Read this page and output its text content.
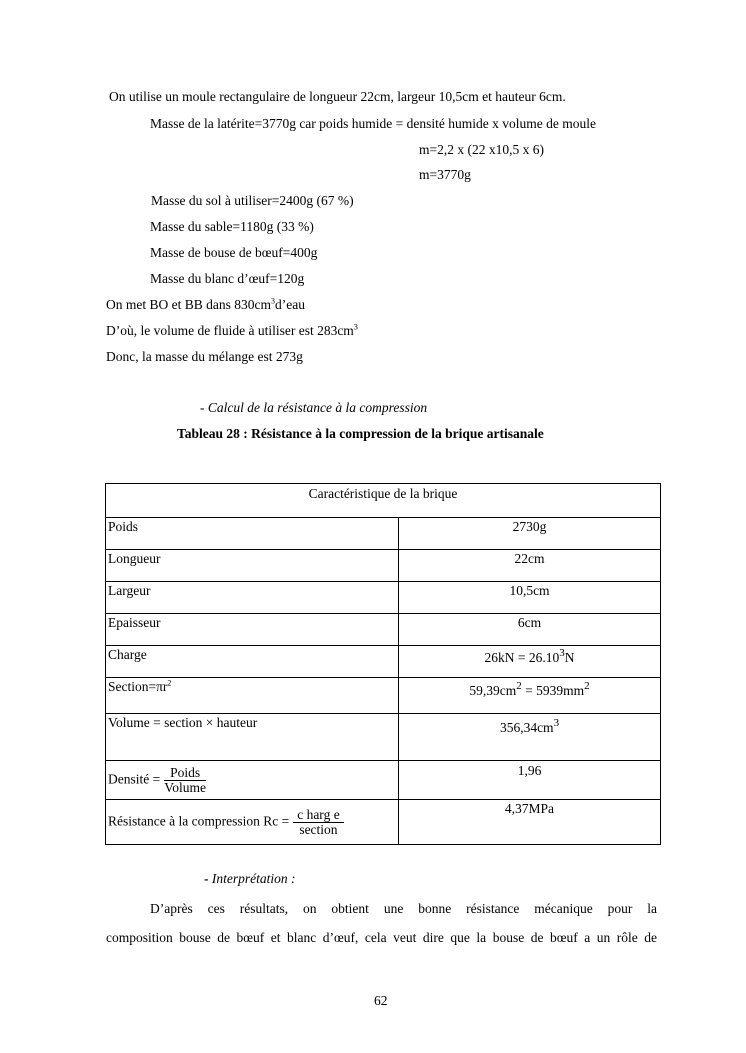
On utilise un moule rectangulaire de longueur 22cm, largeur 10,5cm et hauteur 6cm.
Masse de la latérite=3770g car poids humide = densité humide x volume de moule
m=2,2 x (22 x10,5 x 6)
m=3770g
Masse du sol à utiliser=2400g (67 %)
Masse du sable=1180g (33 %)
Masse de bouse de bœuf=400g
Masse du blanc d’œuf=120g
On met BO et BB dans $830cm^3d’eau$
D’où, le volume de fluide à utiliser est $283cm^3$
Donc, la masse du mélange est 273g
- Calcul de la résistance à la compression
Tableau 28 : Résistance à la compression de la brique artisanale
Caractéristique de la brique	
Poids	2730g
Longueur	22cm
Largeur	10,5cm
Epaisseur	6cm
Charge	$26kN = 26.10^3N$
$Section=\pi r^2$	$59,39cm^2 = 5939mm^2$
Volume = section × hauteur	$356,34cm^3$
Densité = $\frac{\text{Poids}}{\text{Volume}}$	1,96
Résistance à la compression $Rc = \frac{\text{c harg e}}{\text{section}}$	4,37MPa
- Interprétation :
D’après ces résultats, on obtient une bonne résistance mécanique pour la
composition bouse de bœuf et blanc d’œuf, cela veut dire que la bouse de bœuf a un rôle de
62
